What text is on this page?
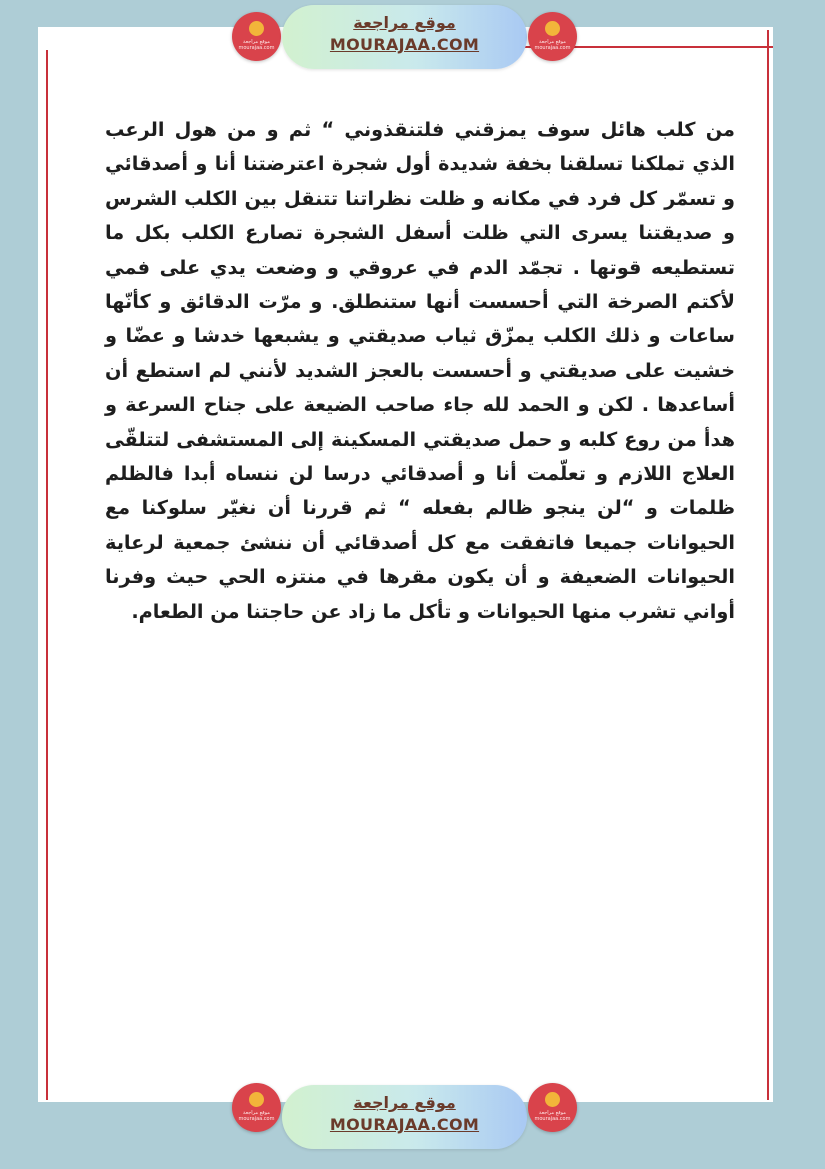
موقع مراجعة
mourajaa.com
موقع مراجعة
MOURAJAA.COM	موقع مراجعة
mourajaa.com

من كلب هائل سوف يمزقني فلتنقذوني “ ثم و من هول الرعب الذي تملكنا تسلقنا بخفة شديدة أول شجرة اعترضتنا أنا و أصدقائي و تسمّر كل فرد في مكانه و ظلت نظراتنا تتنقل بين الكلب الشرس و صديقتنا يسرى التي ظلت أسفل الشجرة تصارع الكلب بكل ما تستطيعه قوتها . تجمّد الدم في عروقي و وضعت يدي على فمي لأكتم الصرخة التي أحسست أنها ستنطلق. و مرّت الدقائق و كأنّها ساعات و ذلك الكلب يمزّق ثياب صديقتي و يشبعها خدشا و عضّا و خشيت على صديقتي و أحسست بالعجز الشديد لأنني لم استطع أن أساعدها . لكن و الحمد لله جاء صاحب الضيعة على جناح السرعة و هدأ من روع كلبه و حمل صديقتي المسكينة إلى المستشفى لتتلقّى العلاج اللازم و تعلّمت أنا و أصدقائي درسا لن ننساه أبدا فالظلم ظلمات و “لن ينجو ظالم بفعله “ ثم قررنا أن نغيّر سلوكنا مع الحيوانات جميعا فاتفقت مع كل أصدقائي أن ننشئ جمعية لرعاية الحيوانات الضعيفة و أن يكون مقرها في منتزه الحي حيث وفرنا أواني تشرب منها الحيوانات و تأكل ما زاد عن حاجتنا من الطعام.

موقع مراجعة
mourajaa.com
موقع مراجعة
MOURAJAA.COM
موقع مراجعة
mourajaa.com
